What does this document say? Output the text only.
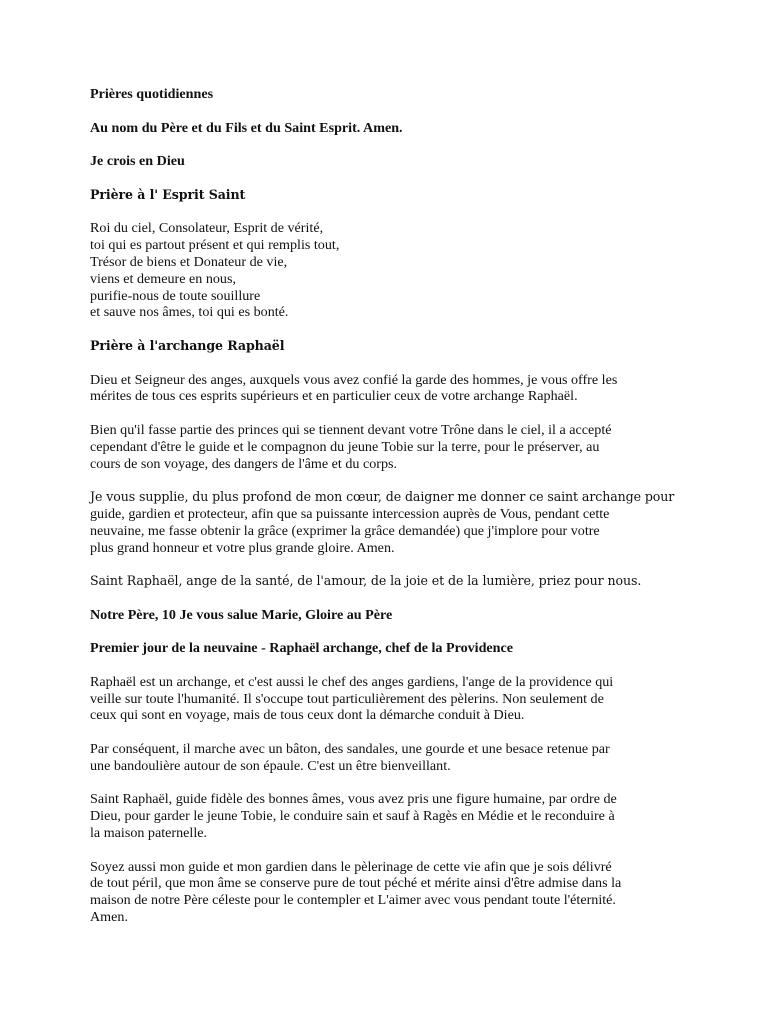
Prières quotidiennes

Au nom du Père et du Fils et du Saint Esprit. Amen.

Je crois en Dieu

Prière à l' Esprit Saint

Roi du ciel, Consolateur, Esprit de vérité,
toi qui es partout présent et qui remplis tout,
Trésor de biens et Donateur de vie,
viens et demeure en nous,
purifie-nous de toute souillure
et sauve nos âmes, toi qui es bonté.

Prière à l'archange Raphaël

Dieu et Seigneur des anges, auxquels vous avez confié la garde des hommes, je vous offre les
mérites de tous ces esprits supérieurs et en particulier ceux de votre archange Raphaël.

Bien qu'il fasse partie des princes qui se tiennent devant votre Trône dans le ciel, il a accepté
cependant d'être le guide et le compagnon du jeune Tobie sur la terre, pour le préserver, au
cours de son voyage, des dangers de l'âme et du corps.

Je vous supplie, du plus profond de mon cœur, de daigner me donner ce saint archange pour
guide, gardien et protecteur, afin que sa puissante intercession auprès de Vous, pendant cette
neuvaine, me fasse obtenir la grâce (exprimer la grâce demandée) que j'implore pour votre
plus grand honneur et votre plus grande gloire. Amen.

Saint Raphaël, ange de la santé, de l'amour, de la joie et de la lumière, priez pour nous.

Notre Père, 10 Je vous salue Marie, Gloire au Père

Premier jour de la neuvaine - Raphaël archange, chef de la Providence

Raphaël est un archange, et c'est aussi le chef des anges gardiens, l'ange de la providence qui
veille sur toute l'humanité. Il s'occupe tout particulièrement des pèlerins. Non seulement de
ceux qui sont en voyage, mais de tous ceux dont la démarche conduit à Dieu.

Par conséquent, il marche avec un bâton, des sandales, une gourde et une besace retenue par
une bandoulière autour de son épaule. C'est un être bienveillant.

Saint Raphaël, guide fidèle des bonnes âmes, vous avez pris une figure humaine, par ordre de
Dieu, pour garder le jeune Tobie, le conduire sain et sauf à Ragès en Médie et le reconduire à
la maison paternelle.

Soyez aussi mon guide et mon gardien dans le pèlerinage de cette vie afin que je sois délivré
de tout péril, que mon âme se conserve pure de tout péché et mérite ainsi d'être admise dans la
maison de notre Père céleste pour le contempler et L'aimer avec vous pendant toute l'éternité.
Amen.
